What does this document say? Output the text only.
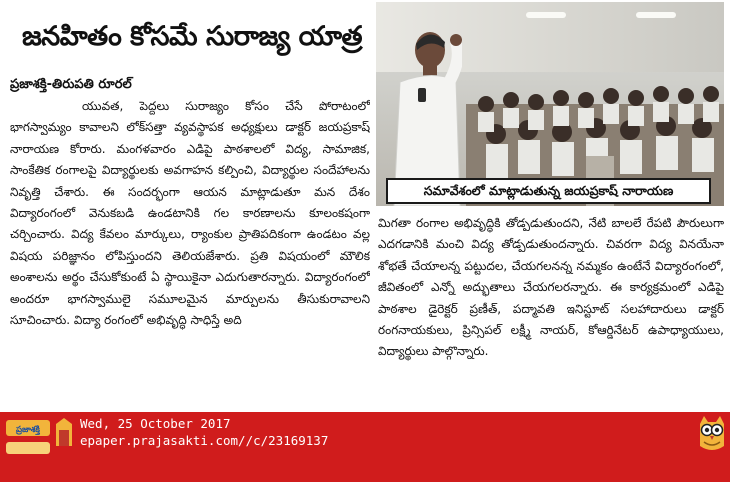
జనహితం కోసమే సురాజ్య యాత్ర
సమావేశంలో మాట్లాడుతున్న జయప్రకాష్ నారాయణ
ప్రజాశక్తి-తిరుపతి రూరల్

యువత, పెద్దలు సురాజ్యం కోసం చేసే పోరాటంలో భాగస్వామ్యం కావాలని లోక్‌సత్తా వ్యవస్థాపక అధ్యక్షులు డాక్టర్ జయప్రకాష్ నారాయణ కోరారు. మంగళవారం ఎడిపై పాఠశాలలో విద్య, సామాజిక, సాంకేతిక రంగాలపై విద్యార్థులకు అవగాహన కల్పించి, విద్యార్థుల సందేహాలను నివృత్తి చేశారు. ఈ సందర్భంగా ఆయన మాట్లాడుతూ మన దేశం విద్యారంగంలో వెనుకబడి ఉండటానికి గల కారణాలను కూలంకషంగా చర్చించారు. విద్య కేవలం మార్కులు, ర్యాంకుల ప్రాతిపదికంగా ఉండటం వల్ల విషయ పరిజ్ఞానం లోపిస్తుందని తెలియజేశారు. ప్రతి విషయంలో మౌలిక అంశాలను అర్థం చేసుకోకుంటే ఏ స్థాయికైనా ఎదుగుతారన్నారు. విద్యారంగంలో అందరూ భాగస్వాములై సమూలమైన మార్పులను తీసుకురావాలని సూచించారు. విద్యా రంగంలో అభివృద్ధి సాధిస్తే అది

మిగతా రంగాల అభివృద్ధికి తోడ్పడుతుందని, నేటి బాలలే రేపటి పౌరులుగా ఎదగడానికి మంచి విద్య తోడ్పడుతుందన్నారు. చివరగా విద్య వినయేనా శోభతే చేయాలన్న పట్టుదల, చేయగలనన్న నమ్మకం ఉంటేనే విద్యారంగంలో, జీవితంలో ఎన్నో అద్భుతాలు చేయగలరన్నారు. ఈ కార్యక్రమంలో ఎడిపై పాఠశాల డైరెక్టర్ ప్రణీత్, పద్మావతి ఇనిస్టూట్ సలహాదారులు డాక్టర్ రంగనాయకులు, ప్రిన్సిపల్ లక్ష్మీ నాయర్, కోఆర్డినేటర్ ఉపాధ్యాయులు, విద్యార్థులు పాల్గొన్నారు.

ప్రజాశక్తి	Wed, 25 October 2017
epaper.prajasakti.com//c/23169137
